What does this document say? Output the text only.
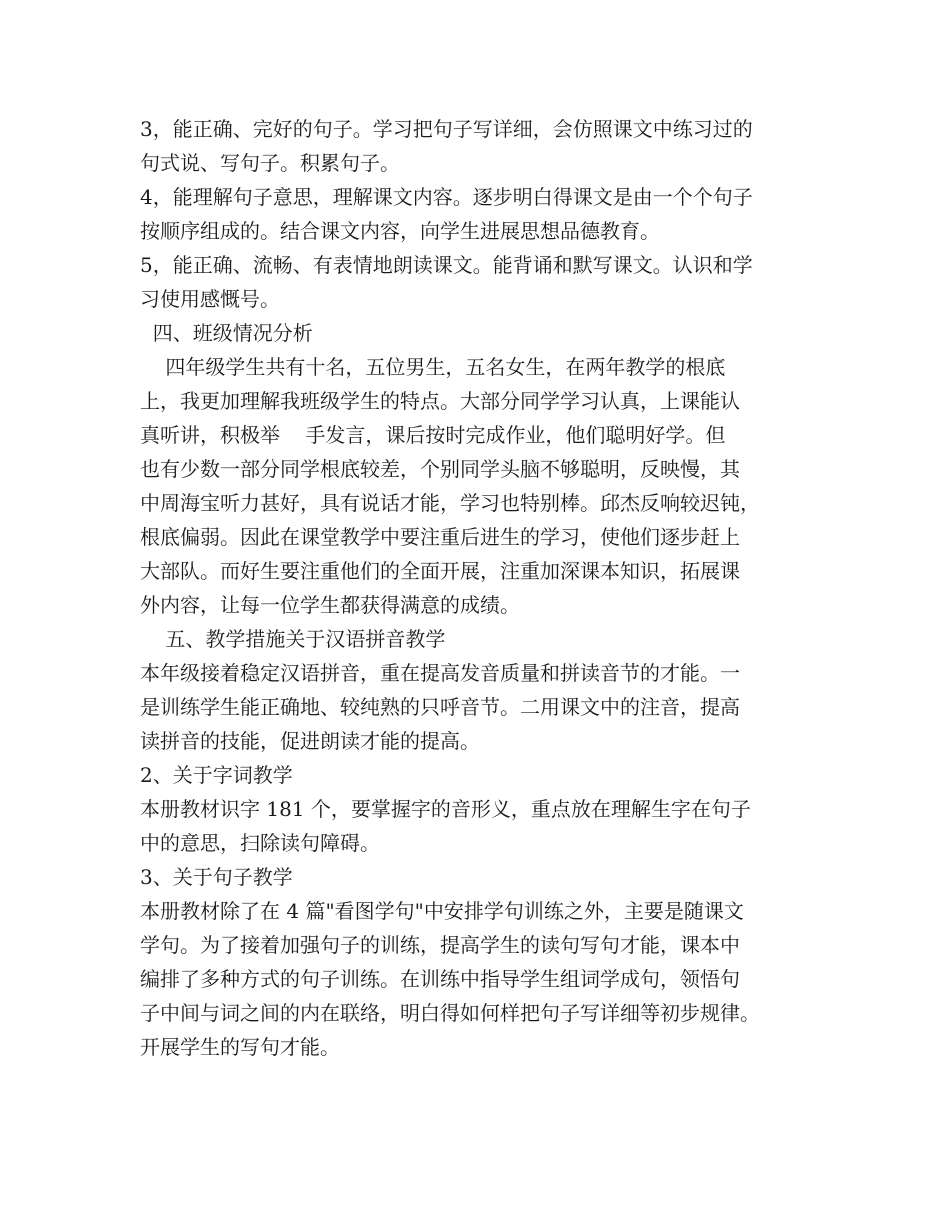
3，能正确、完好的句子。学习把句子写详细，会仿照课文中练习过的
句式说、写句子。积累句子。
4，能理解句子意思，理解课文内容。逐步明白得课文是由一个个句子
按顺序组成的。结合课文内容，向学生进展思想品德教育。
5，能正确、流畅、有表情地朗读课文。能背诵和默写课文。认识和学
习使用感慨号。
四、班级情况分析
四年级学生共有十名，五位男生，五名女生，在两年教学的根底
上，我更加理解我班级学生的特点。大部分同学学习认真，上课能认
真听讲，积极举    手发言，课后按时完成作业，他们聪明好学。但
也有少数一部分同学根底较差，个别同学头脑不够聪明，反映慢，其
中周海宝听力甚好，具有说话才能，学习也特别棒。邱杰反响较迟钝，
根底偏弱。因此在课堂教学中要注重后进生的学习，使他们逐步赶上
大部队。而好生要注重他们的全面开展，注重加深课本知识，拓展课
外内容，让每一位学生都获得满意的成绩。
五、教学措施关于汉语拼音教学
本年级接着稳定汉语拼音，重在提高发音质量和拼读音节的才能。一
是训练学生能正确地、较纯熟的只呼音节。二用课文中的注音，提高
读拼音的技能，促进朗读才能的提高。
2、关于字词教学
本册教材识字 181 个，要掌握字的音形义，重点放在理解生字在句子
中的意思，扫除读句障碍。
3、关于句子教学
本册教材除了在 4 篇"看图学句"中安排学句训练之外，主要是随课文
学句。为了接着加强句子的训练，提高学生的读句写句才能，课本中
编排了多种方式的句子训练。在训练中指导学生组词学成句，领悟句
子中间与词之间的内在联络，明白得如何样把句子写详细等初步规律。
开展学生的写句才能。
